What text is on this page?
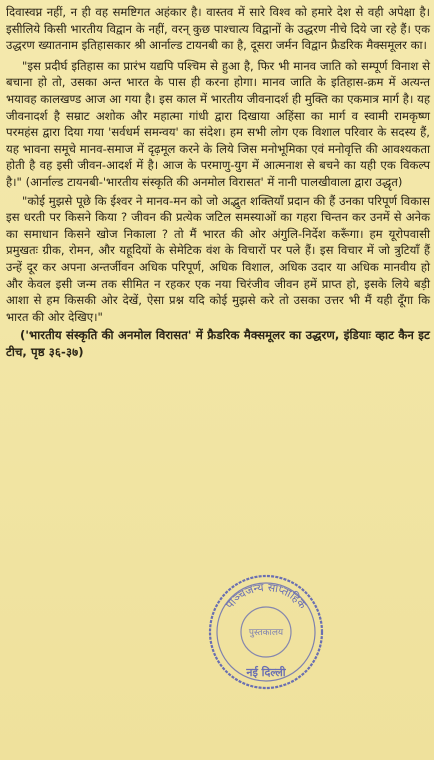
दिवास्वप्न नहीं, न ही वह समष्टिगत अहंकार है। वास्तव में सारे विश्व को हमारे देश से वही अपेक्षा है। इसीलिये किसी भारतीय विद्वान के नहीं, वरन् कुछ पाश्चात्य विद्वानों के उद्धरण नीचे दिये जा रहे हैं। एक उद्धरण ख्यातनाम इतिहासकार श्री आर्नाल्ड टायनबी का है, दूसरा जर्मन विद्वान फ्रैडरिक मैक्समूलर का।

"इस प्रदीर्घ इतिहास का प्रारंभ यद्यपि पश्चिम से हुआ है, फिर भी मानव जाति को सम्पूर्ण विनाश से बचाना हो तो, उसका अन्त भारत के पास ही करना होगा। मानव जाति के इतिहास-क्रम में अत्यन्त भयावह कालखण्ड आज आ गया है। इस काल में भारतीय जीवनादर्श ही मुक्ति का एकमात्र मार्ग है। यह जीवनादर्श है सम्राट अशोक और महात्मा गांधी द्वारा दिखाया अहिंसा का मार्ग व स्वामी रामकृष्ण परमहंस द्वारा दिया गया 'सर्वधर्म समन्वय' का संदेश। हम सभी लोग एक विशाल परिवार के सदस्य हैं, यह भावना समूचे मानव-समाज में दृढ़मूल करने के लिये जिस मनोभूमिका एवं मनोवृत्ति की आवश्यकता होती है वह इसी जीवन-आदर्श में है। आज के परमाणु-युग में आत्मनाश से बचने का यही एक विकल्प है।" (आर्नाल्ड टायनबी-'भारतीय संस्कृति की अनमोल विरासत' में नानी पालखीवाला द्वारा उद्धृत)

"कोई मुझसे पूछे कि ईश्वर ने मानव-मन को जो अद्भुत शक्तियाँ प्रदान की हैं उनका परिपूर्ण विकास इस धरती पर किसने किया ? जीवन की प्रत्येक जटिल समस्याओं का गहरा चिन्तन कर उनमें से अनेक का समाधान किसने खोज निकाला ? तो मैं भारत की ओर अंगुलि-निर्देश करूँगा। हम यूरोपवासी प्रमुखतः ग्रीक, रोमन, और यहूदियों के सेमेटिक वंश के विचारों पर पले हैं। इस विचार में जो त्रुटियाँ हैं उन्हें दूर कर अपना अन्तर्जीवन अधिक परिपूर्ण, अधिक विशाल, अधिक उदार या अधिक मानवीय हो और केवल इसी जन्म तक सीमित न रहकर एक नया चिरंजीव जीवन हमें प्राप्त हो, इसके लिये बड़ी आशा से हम किसकी ओर देखें, ऐसा प्रश्न यदि कोई मुझसे करे तो उसका उत्तर भी मैं यही दूँगा कि भारत की ओर देखिए।"

('भारतीय संस्कृति की अनमोल विरासत' में फ्रैडरिक मैक्समूलर का उद्धरण, इंडियाः व्हाट कैन इट टीच, पृष्ठ ३६-३७)

पाञ्चजन्य साप्ताहिक
पुस्तकालय
नई दिल्ली
